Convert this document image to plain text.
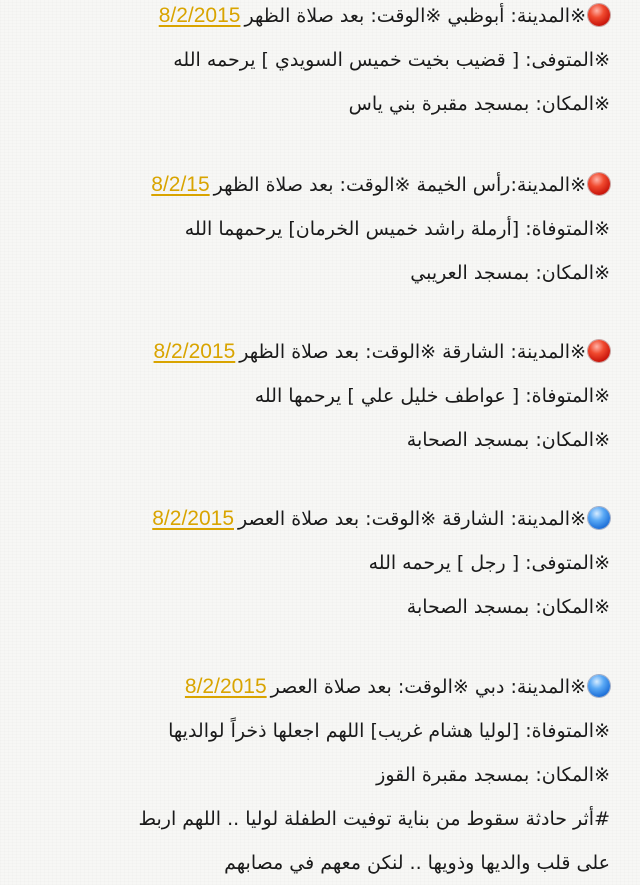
※المدينة: أبوظبي ※الوقت: بعد صلاة الظهر8/2/2015
※المتوفى: [ قضيب بخيت خميس السويدي ] يرحمه الله
※المكان: بمسجد مقبرة بني ياس
※المدينة:رأس الخيمة ※الوقت: بعد صلاة الظهر8/2/15
※المتوفاة: [أرملة راشد خميس الخرمان] يرحمهما الله
※المكان: بمسجد العريبي
※المدينة: الشارقة ※الوقت: بعد صلاة الظهر8/2/2015
※المتوفاة: [ عواطف خليل علي ] يرحمها الله
※المكان: بمسجد الصحابة
※المدينة: الشارقة ※الوقت: بعد صلاة العصر8/2/2015
※المتوفى: [ رجل ] يرحمه الله
※المكان: بمسجد الصحابة
※المدينة: دبي ※الوقت: بعد صلاة العصر8/2/2015
※المتوفاة: [لوليا هشام غريب] اللهم اجعلها ذخراً لوالديها
※المكان: بمسجد مقبرة القوز
#أثر حادثة سقوط من بناية توفيت الطفلة لوليا .. اللهم اربط
على قلب والديها وذويها .. لنكن معهم في مصابهم
